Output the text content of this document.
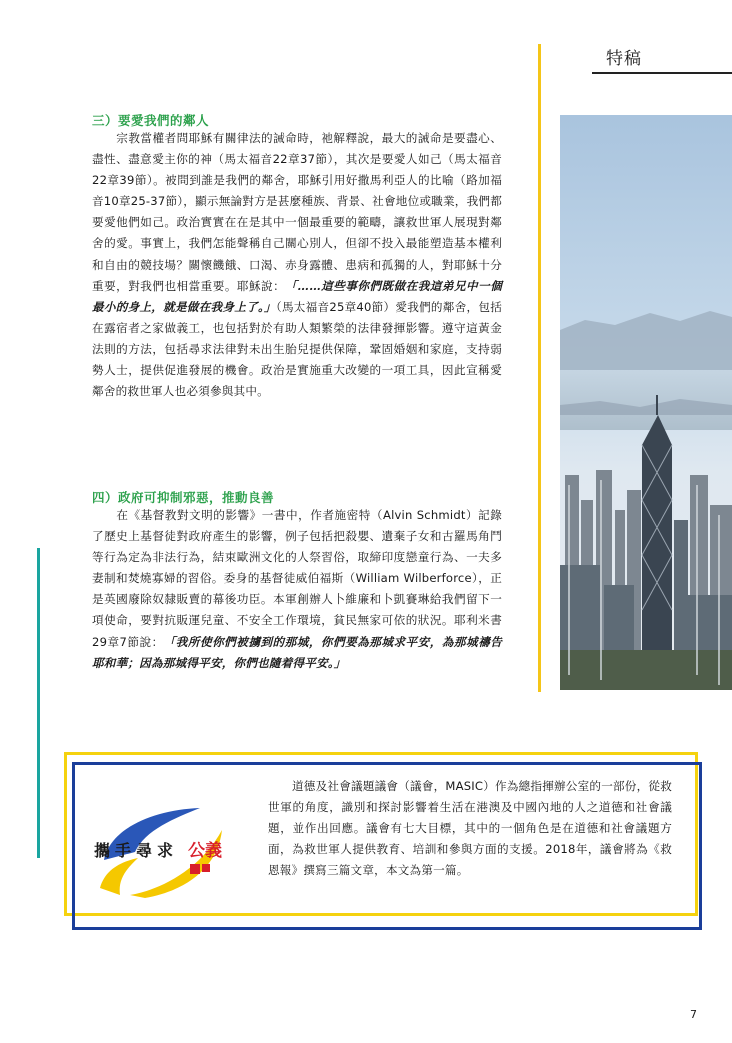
特稿
三）要愛我們的鄰人

宗教當權者問耶穌有關律法的誡命時，祂解釋說，最大的誡命是要盡心、盡性、盡意愛主你的神（馬太福音22章37節），其次是要愛人如己（馬太福音22章39節）。被問到誰是我們的鄰舍，耶穌引用好撒馬利亞人的比喻（路加福音10章25-37節），顯示無論對方是甚麼種族、背景、社會地位或職業，我們都要愛他們如己。政治實實在在是其中一個最重要的範疇，讓救世軍人展現對鄰舍的愛。事實上，我們怎能聲稱自己關心別人，但卻不投入最能塑造基本權利和自由的競技場？關懷饑餓、口渴、赤身露體、患病和孤獨的人，對耶穌十分重要，對我們也相當重要。耶穌說：「……這些事你們既做在我這弟兄中一個最小的身上，就是做在我身上了。」（馬太福音25章40節）愛我們的鄰舍，包括在露宿者之家做義工，也包括對於有助人類繁榮的法律發揮影響。遵守這黃金法則的方法，包括尋求法律對未出生胎兒提供保障，鞏固婚姻和家庭，支持弱勢人士，提供促進發展的機會。政治是實施重大改變的一項工具，因此宣稱愛鄰舍的救世軍人也必須參與其中。

四）政府可抑制邪惡，推動良善

在《基督教對文明的影響》一書中，作者施密特（Alvin Schmidt）記錄了歷史上基督徒對政府產生的影響，例子包括把殺嬰、遺棄子女和古羅馬角鬥等行為定為非法行為，結束歐洲文化的人祭習俗，取締印度戀童行為、一夫多妻制和焚燒寡婦的習俗。委身的基督徒威伯福斯（William Wilberforce），正是英國廢除奴隸販賣的幕後功臣。本軍創辦人卜維廉和卜凱賽琳給我們留下一項使命，要對抗販運兒童、不安全工作環境，貧民無家可依的狀況。耶利米書29章7節說：「我所使你們被擄到的那城，你們要為那城求平安，為那城禱告耶和華；因為那城得平安，你們也隨着得平安。」

攜手尋求 公義

道德及社會議題議會（議會，MASIC）作為總指揮辦公室的一部份，從救世軍的角度，識別和探討影響着生活在港澳及中國內地的人之道德和社會議題，並作出回應。議會有七大目標，其中的一個角色是在道德和社會議題方面，為救世軍人提供教育、培訓和參與方面的支援。2018年，議會將為《救恩報》撰寫三篇文章，本文為第一篇。

7
